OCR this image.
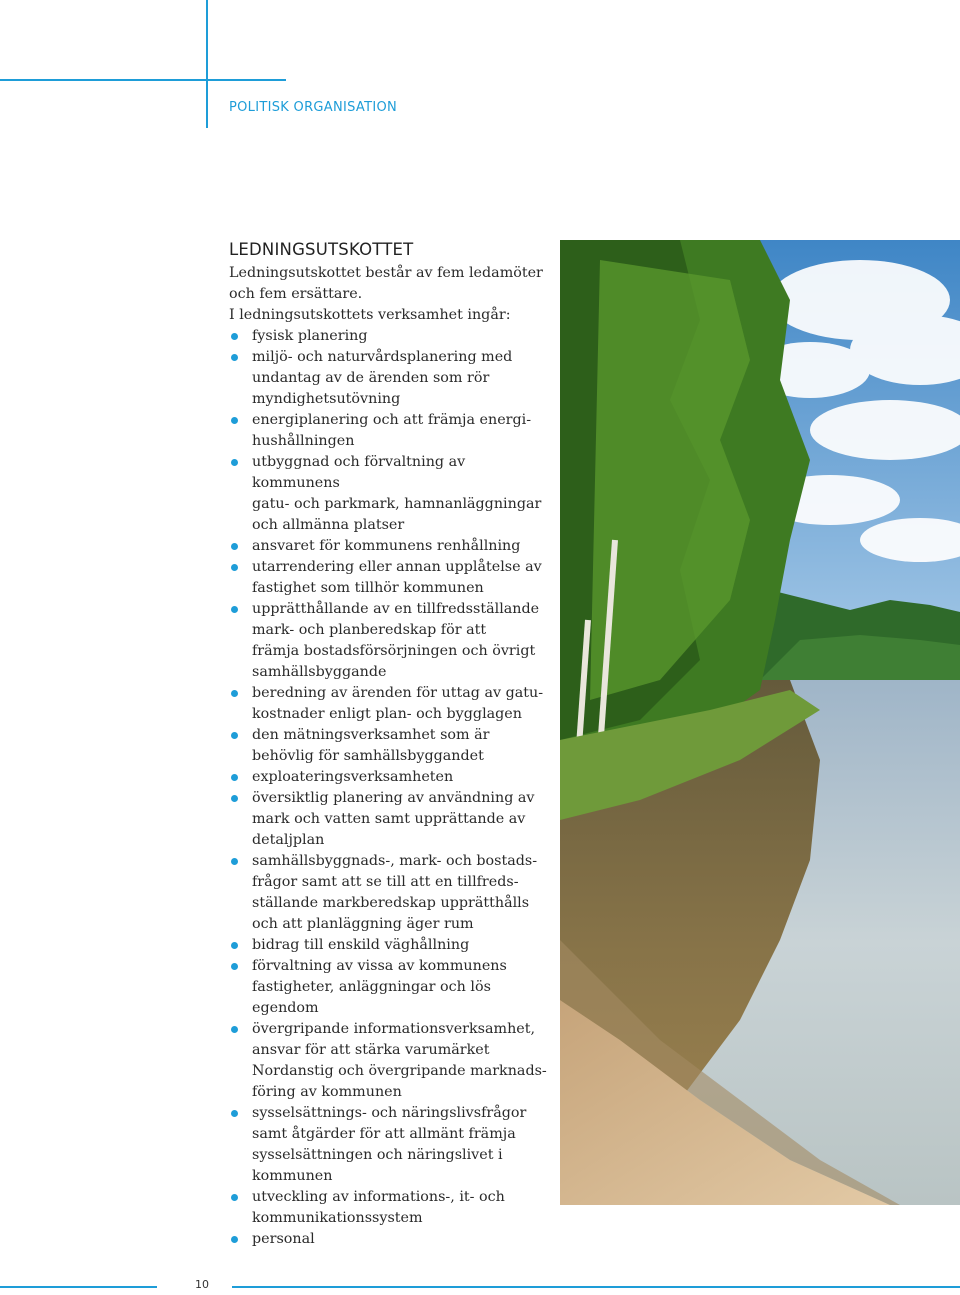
POLITISK ORGANISATION
LEDNINGSUTSKOTTET

Ledningsutskottet består av fem ledamöter
och fem ersättare.

I ledningsutskottets verksamhet ingår:

fysisk planering
miljö- och naturvårdsplanering med
undantag av de ärenden som rör
myndighetsutövning
energiplanering och att främja energi-
hushållningen
utbyggnad och förvaltning av kommunens
gatu- och parkmark, hamnanläggningar
och allmänna platser
ansvaret för kommunens renhållning
utarrendering eller annan upplåtelse av
fastighet som tillhör kommunen
upprätthållande av en tillfredsställande
mark- och planberedskap för att
främja bostadsförsörjningen och övrigt
samhällsbyggande
beredning av ärenden för uttag av gatu-
kostnader enligt plan- och bygglagen
den mätningsverksamhet som är
behövlig för samhällsbyggandet
exploateringsverksamheten
översiktlig planering av användning av
mark och vatten samt upprättande av
detaljplan
samhällsbyggnads-, mark- och bostads-
frågor samt att se till att en tillfreds-
ställande markberedskap upprätthålls
och att planläggning äger rum
bidrag till enskild väghållning
förvaltning av vissa av kommunens
fastigheter, anläggningar och lös egendom
övergripande informationsverksamhet,
ansvar för att stärka varumärket
Nordanstig och övergripande marknads-
föring av kommunen
sysselsättnings- och näringslivsfrågor
samt åtgärder för att allmänt främja
sysselsättningen och näringslivet i
kommunen
utveckling av informations-, it- och
kommunikationssystem
personal
10
